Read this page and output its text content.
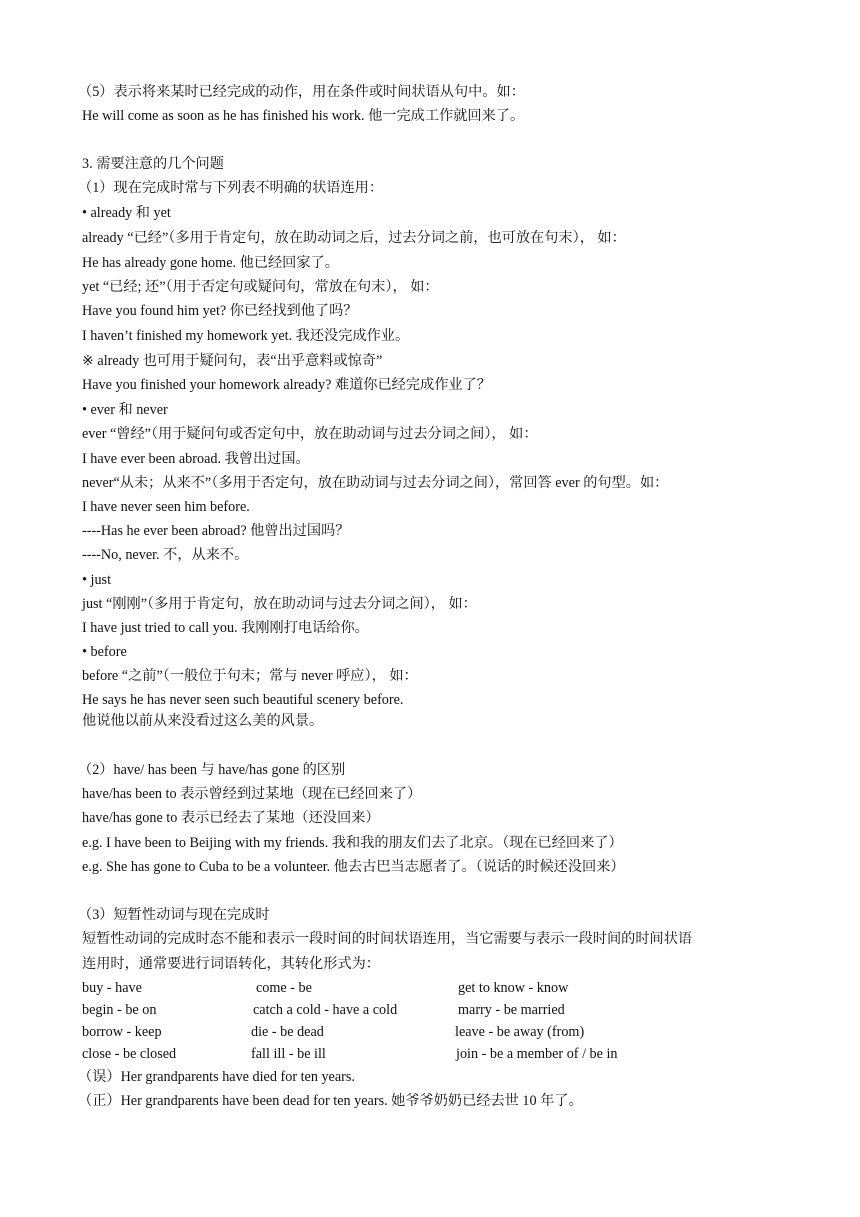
（5）表示将来某时已经完成的动作，用在条件或时间状语从句中。如：
He will come as soon as he has finished his work. 他一完成工作就回来了。
3. 需要注意的几个问题
（1）现在完成时常与下列表不明确的状语连用：
• already 和 yet
already “已经”（多用于肯定句，放在助动词之后，过去分词之前，也可放在句末）， 如：
He has already gone home. 他已经回家了。
yet “已经; 还”（用于否定句或疑问句，常放在句末）， 如：
Have you found him yet? 你已经找到他了吗？
I haven’t finished my homework yet. 我还没完成作业。
※ already 也可用于疑问句，表“出乎意料或惊奇”
Have you finished your homework already? 难道你已经完成作业了？
• ever 和 never
ever “曾经”（用于疑问句或否定句中，放在助动词与过去分词之间）， 如：
I have ever been abroad. 我曾出过国。
never“从未；从来不”（多用于否定句，放在助动词与过去分词之间），常回答 ever 的句型。如：
I have never seen him before.
----Has he ever been abroad? 他曾出过国吗？
----No, never. 不，从来不。
• just
just “刚刚”（多用于肯定句，放在助动词与过去分词之间）， 如：
I have just tried to call you. 我刚刚打电话给你。
• before
before “之前”（一般位于句末；常与 never 呼应）， 如：
He says he has never seen such beautiful scenery before.
他说他以前从来没看过这么美的风景。
（2）have/ has been 与 have/has gone 的区别
have/has been to 表示曾经到过某地（现在已经回来了）
have/has gone to 表示已经去了某地（还没回来）
e.g. I have been to Beijing with my friends. 我和我的朋友们去了北京。（现在已经回来了）
e.g. She has gone to Cuba to be a volunteer. 他去古巴当志愿者了。（说话的时候还没回来）
（3）短暂性动词与现在完成时
短暂性动词的完成时态不能和表示一段时间的时间状语连用，当它需要与表示一段时间的时间状语
连用时，通常要进行词语转化，其转化形式为：
buy - have	come - be	get to know - know
begin - be on	catch a cold - have a cold	marry - be married
borrow - keep	die - be dead	leave - be away (from)
close - be closed	fall ill - be ill	join - be a member of / be in
（误）Her grandparents have died for ten years.
（正）Her grandparents have been dead for ten years. 她爷爷奶奶已经去世 10 年了。
